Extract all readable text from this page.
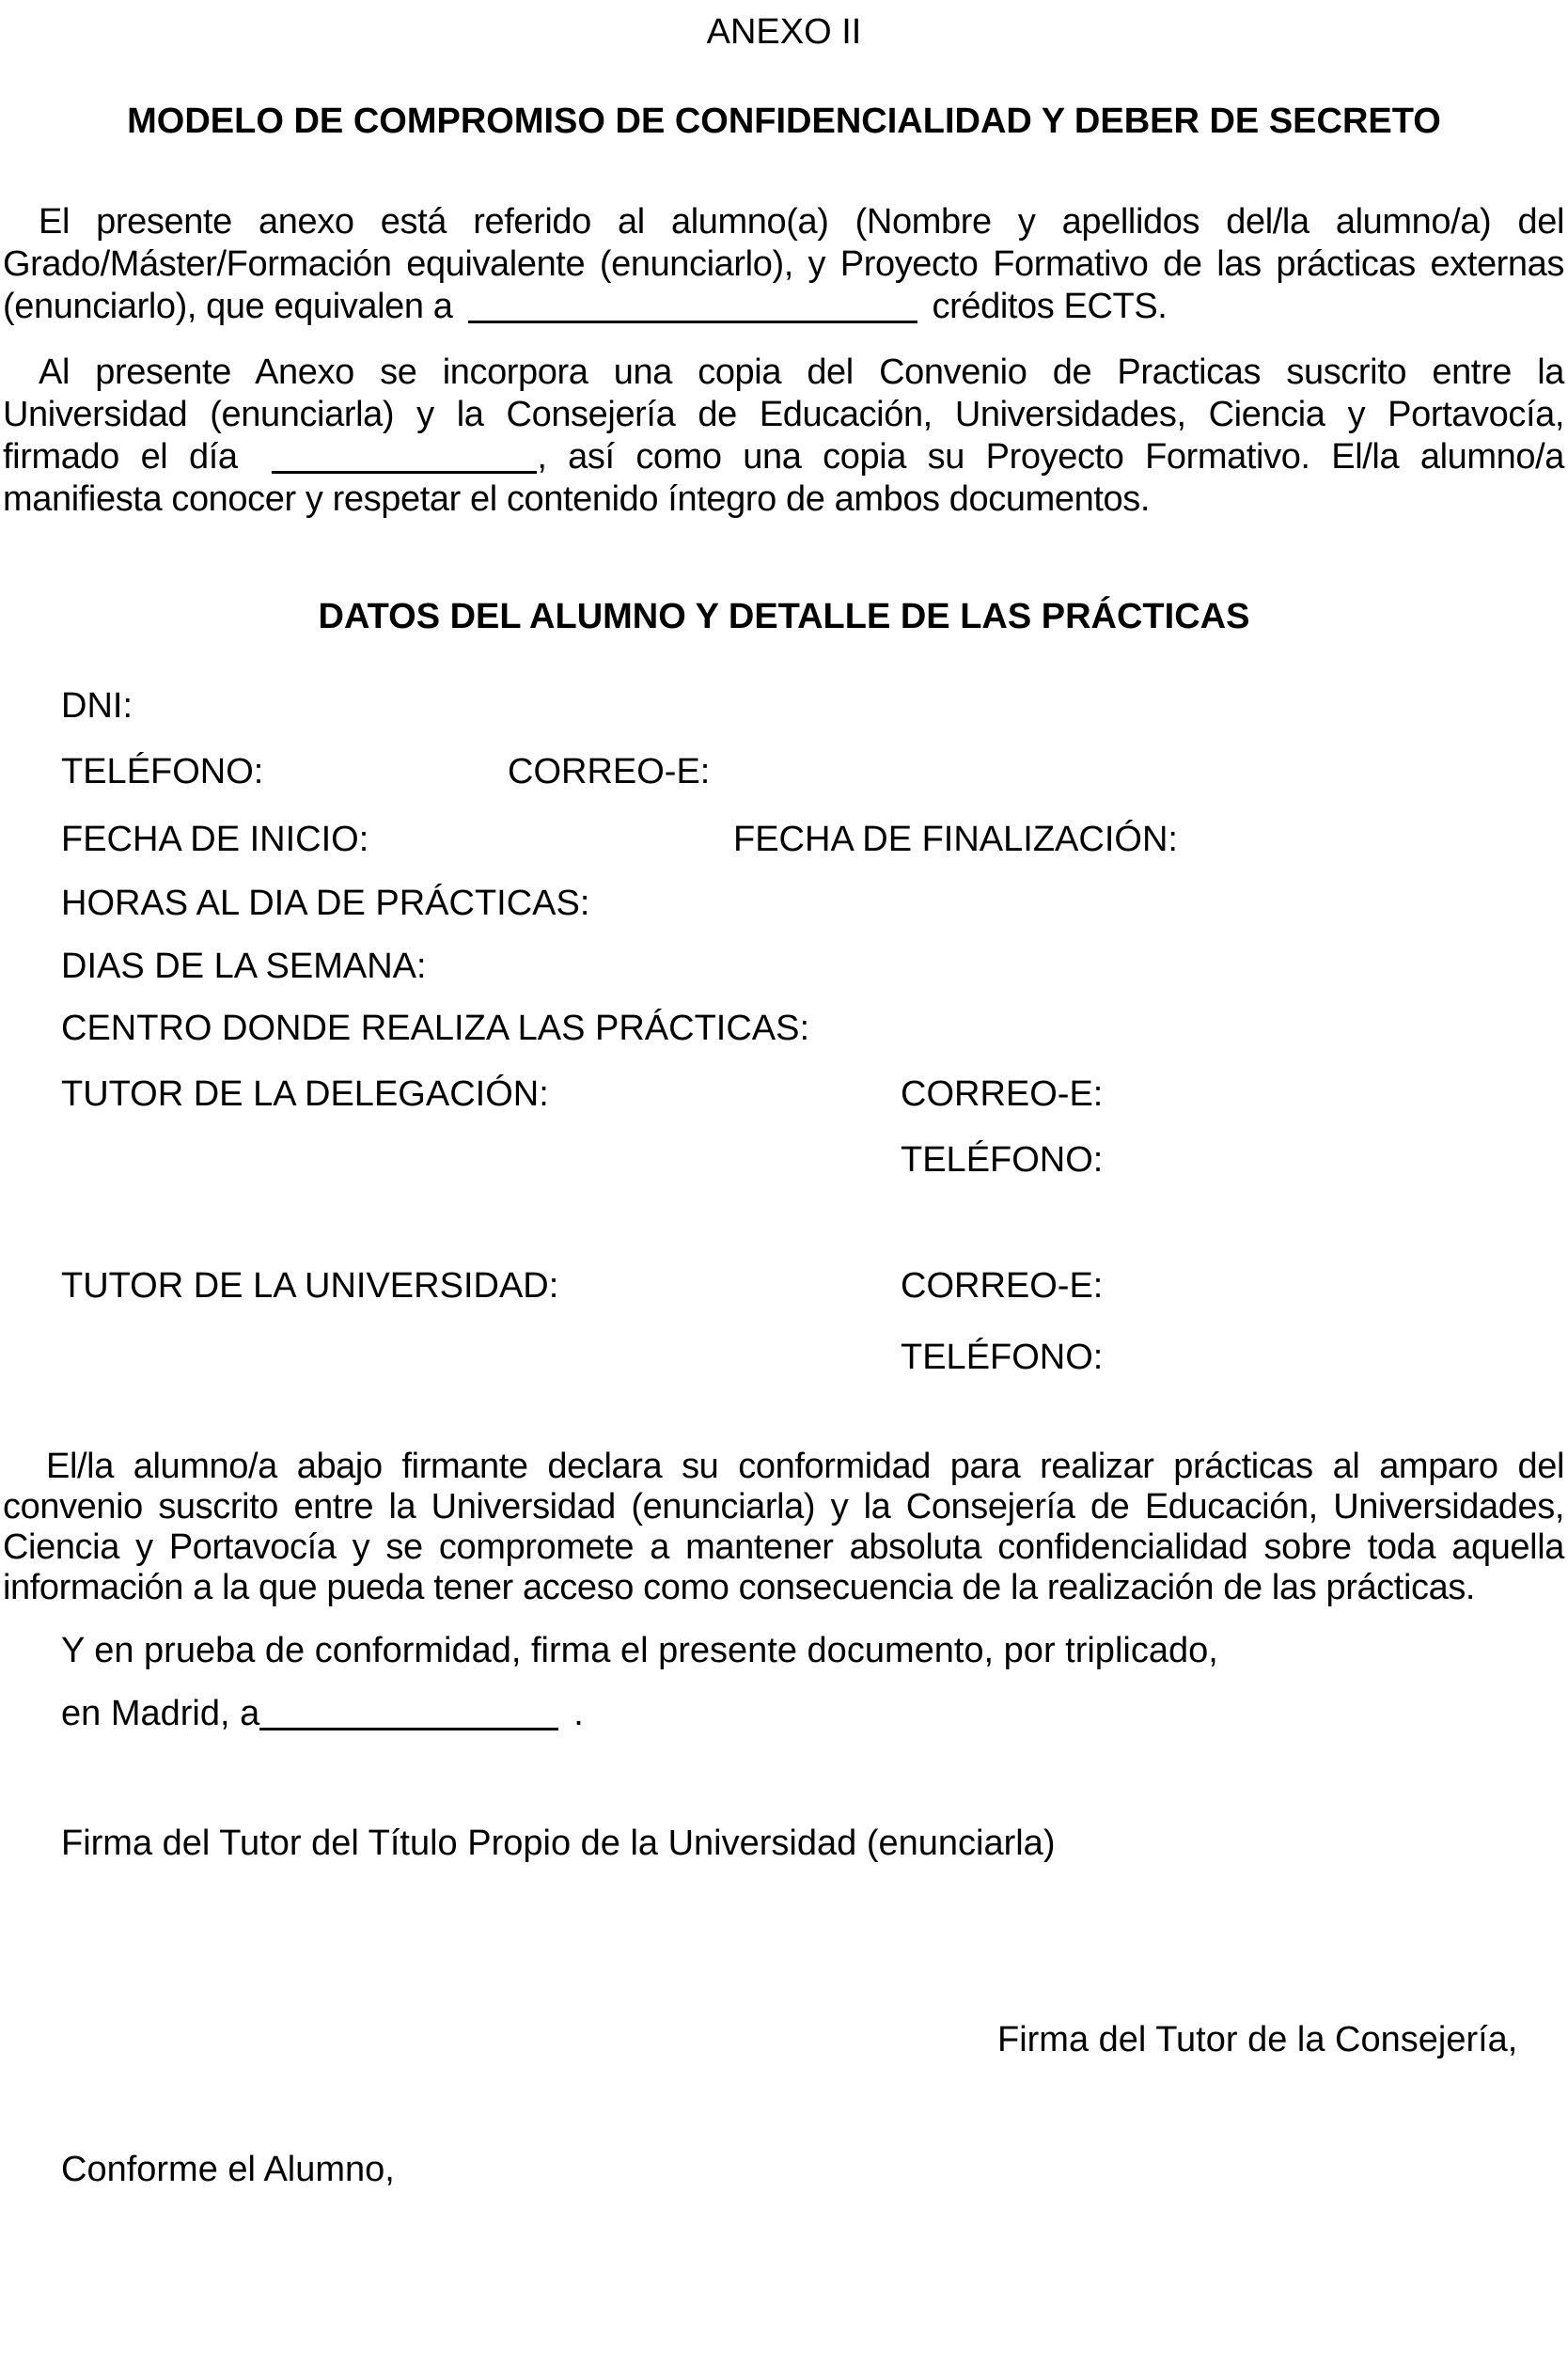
ANEXO II
MODELO DE COMPROMISO DE CONFIDENCIALIDAD Y DEBER DE SECRETO
El presente anexo está referido al alumno(a) (Nombre y apellidos del/la alumno/a) del
Grado/Máster/Formación equivalente (enunciarlo), y Proyecto Formativo de las prácticas externas
(enunciarlo), que equivalen a	créditos ECTS.
Al presente Anexo se incorpora una copia del Convenio de Practicas suscrito entre la
Universidad (enunciarla) y la Consejería de Educación, Universidades, Ciencia y Portavocía,
firmado el día	, así como una copia su Proyecto Formativo. El/la alumno/a
manifiesta conocer y respetar el contenido íntegro de ambos documentos.
DATOS DEL ALUMNO Y DETALLE DE LAS PRÁCTICAS
DNI:
TELÉFONO:	CORREO-E:
FECHA DE INICIO:	FECHA DE FINALIZACIÓN:
HORAS AL DIA DE PRÁCTICAS:
DIAS DE LA SEMANA:
CENTRO DONDE REALIZA LAS PRÁCTICAS:
TUTOR DE LA DELEGACIÓN:	CORREO-E:
TELÉFONO:
TUTOR DE LA UNIVERSIDAD:	CORREO-E:
TELÉFONO:
El/la alumno/a abajo firmante declara su conformidad para realizar prácticas al amparo del
convenio suscrito entre la Universidad (enunciarla) y la Consejería de Educación, Universidades,
Ciencia y Portavocía y se compromete a mantener absoluta confidencialidad sobre toda aquella
información a la que pueda tener acceso como consecuencia de la realización de las prácticas.
Y en prueba de conformidad, firma el presente documento, por triplicado,
en Madrid, a	.
Firma del Tutor del Título Propio de la Universidad (enunciarla)
Firma del Tutor de la Consejería,
Conforme el Alumno,
